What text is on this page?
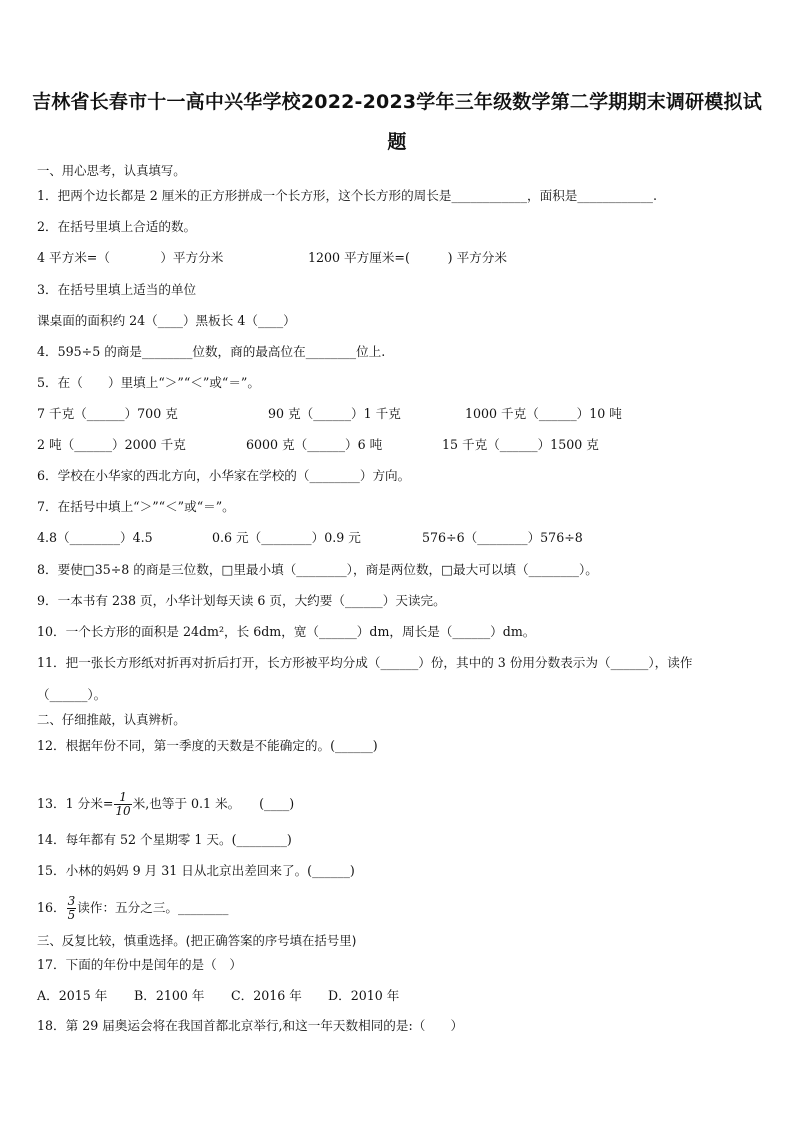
吉林省长春市十一高中兴华学校2022-2023学年三年级数学第二学期期末调研模拟试
题
一、用心思考，认真填写。
1．把两个边长都是 2 厘米的正方形拼成一个长方形，这个长方形的周长是____________，面积是____________.
2．在括号里填上合适的数。
4 平方米=（　　　　）平方分米	1200 平方厘米=(　　　) 平方分米
3．在括号里填上适当的单位
课桌面的面积约 24（____）黑板长 4（____）
4．595÷5 的商是________位数，商的最高位在________位上.
5．在（　　）里填上“＞”“＜”或“＝”。
7 千克（______）700 克	90 克（______）1 千克	1000 千克（______）10 吨
2 吨（______）2000 千克	6000 克（______）6 吨	15 千克（______）1500 克
6．学校在小华家的西北方向，小华家在学校的（________）方向。
7．在括号中填上“＞”“＜”或“＝”。
4.8（________）4.5	0.6 元（________）0.9 元	576÷6（________）576÷8
8．要使□35÷8 的商是三位数，□里最小填（________），商是两位数，□最大可以填（________）。
9．一本书有 238 页，小华计划每天读 6 页，大约要（______）天读完。
10．一个长方形的面积是 24dm²，长 6dm，宽（______）dm，周长是（______）dm。
11．把一张长方形纸对折再对折后打开，长方形被平均分成（______）份，其中的 3 份用分数表示为（______），读作
（______）。
二、仔细推敲，认真辨析。
12．根据年份不同，第一季度的天数是不能确定的。(______)
13．1 分米= $\frac{1}{10}$ 米,也等于 0.1 米。　　(____)
14．每年都有 52 个星期零 1 天。(________)
15．小林的妈妈 9 月 31 日从北京出差回来了。(______)
16． $\frac{3}{5}$ 读作：五分之三。________
三、反复比较，慎重选择。(把正确答案的序号填在括号里)
17．下面的年份中是闰年的是（　）
A．2015 年 B．2100 年 C．2016 年 D．2010 年
18．第 29 届奥运会将在我国首都北京举行,和这一年天数相同的是:（　　）
